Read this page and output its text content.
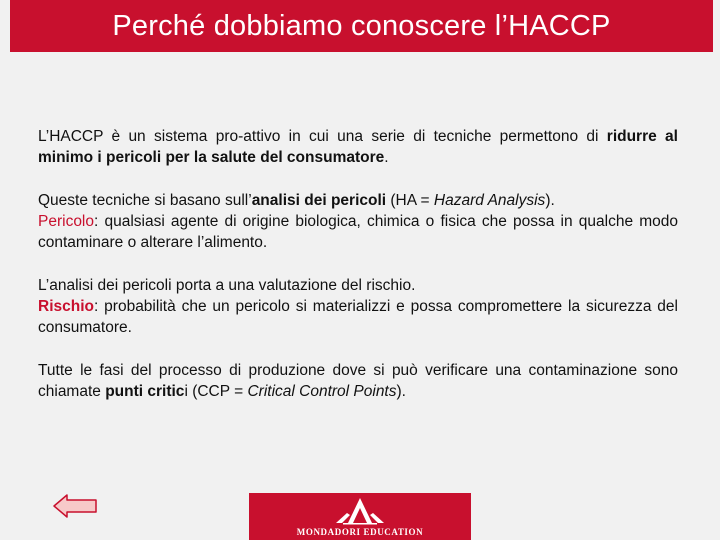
Perché dobbiamo conoscere l’HACCP

L’HACCP è un sistema pro-attivo in cui una serie di tecniche permettono di ridurre al minimo i pericoli per la salute del consumatore.

Queste tecniche si basano sull’analisi dei pericoli (HA = Hazard Analysis).
Pericolo: qualsiasi agente di origine biologica, chimica o fisica che possa in qualche modo contaminare o alterare l’alimento.

L’analisi dei pericoli porta a una valutazione del rischio.
Rischio: probabilità che un pericolo si materializzi e possa compromettere la sicurezza del consumatore.

Tutte le fasi del processo di produzione dove si può verificare una contaminazione sono chiamate punti critici (CCP = Critical Control Points).

MONDADORI EDUCATION
